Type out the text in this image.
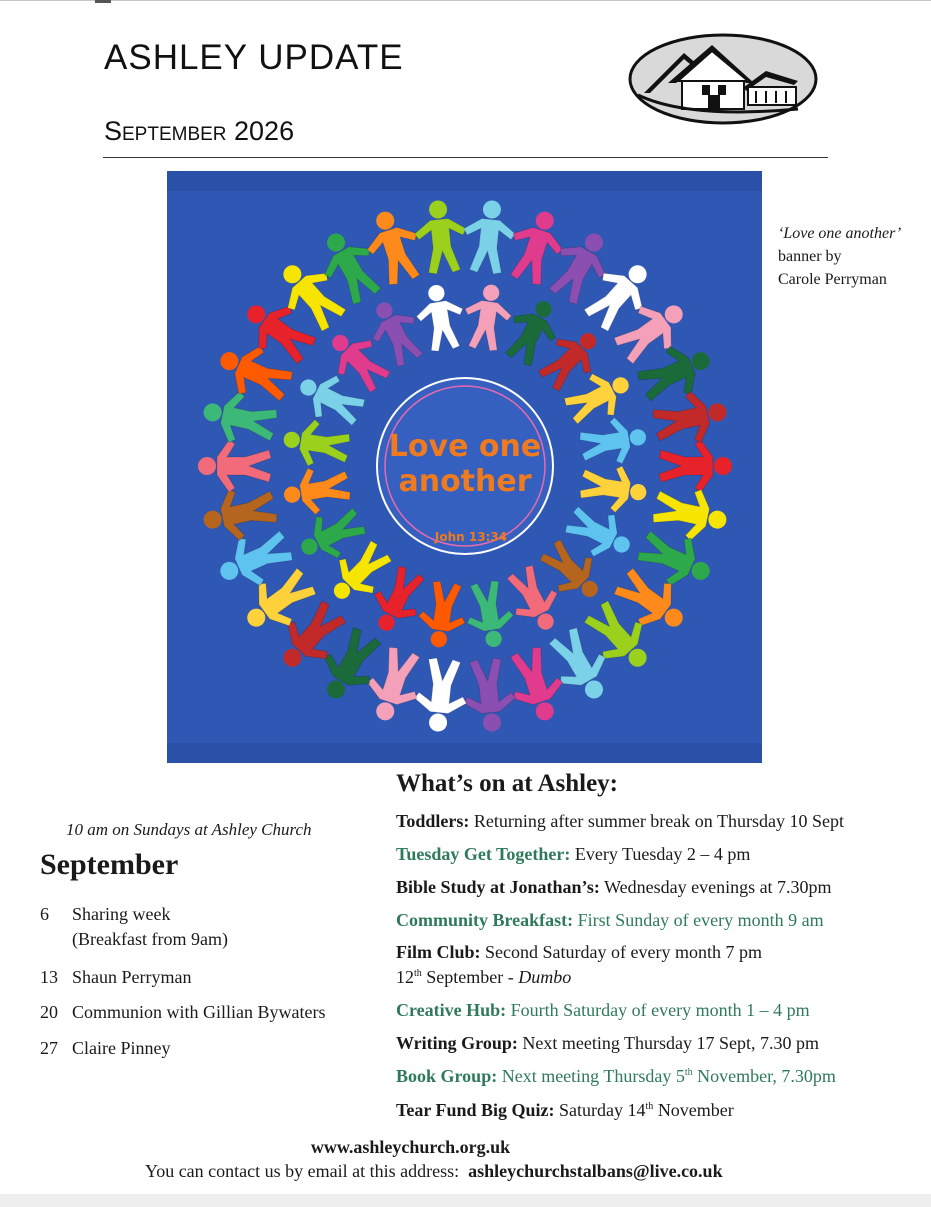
ASHLEY UPDATE
September 2026
Love one
another
John 13:34
‘Love one another’
banner by
Carole Perryman
10 am on Sundays at Ashley Church
September
6	Sharing week
(Breakfast from 9am)
13 Shaun Perryman
20 Communion with Gillian Bywaters
27 Claire Pinney
What’s on at Ashley:
Toddlers: Returning after summer break on Thursday 10 Sept
Tuesday Get Together: Every Tuesday 2 – 4 pm
Bible Study at Jonathan’s: Wednesday evenings at 7.30pm
Community Breakfast: First Sunday of every month 9 am
Film Club: Second Saturday of every month 7 pm
12th September - Dumbo
Creative Hub: Fourth Saturday of every month 1 – 4 pm
Writing Group: Next meeting Thursday 17 Sept, 7.30 pm
Book Group: Next meeting Thursday 5th November, 7.30pm
Tear Fund Big Quiz: Saturday 14th November
www.ashleychurch.org.uk
You can contact us by email at this address: ashleychurchstalbans@live.co.uk
